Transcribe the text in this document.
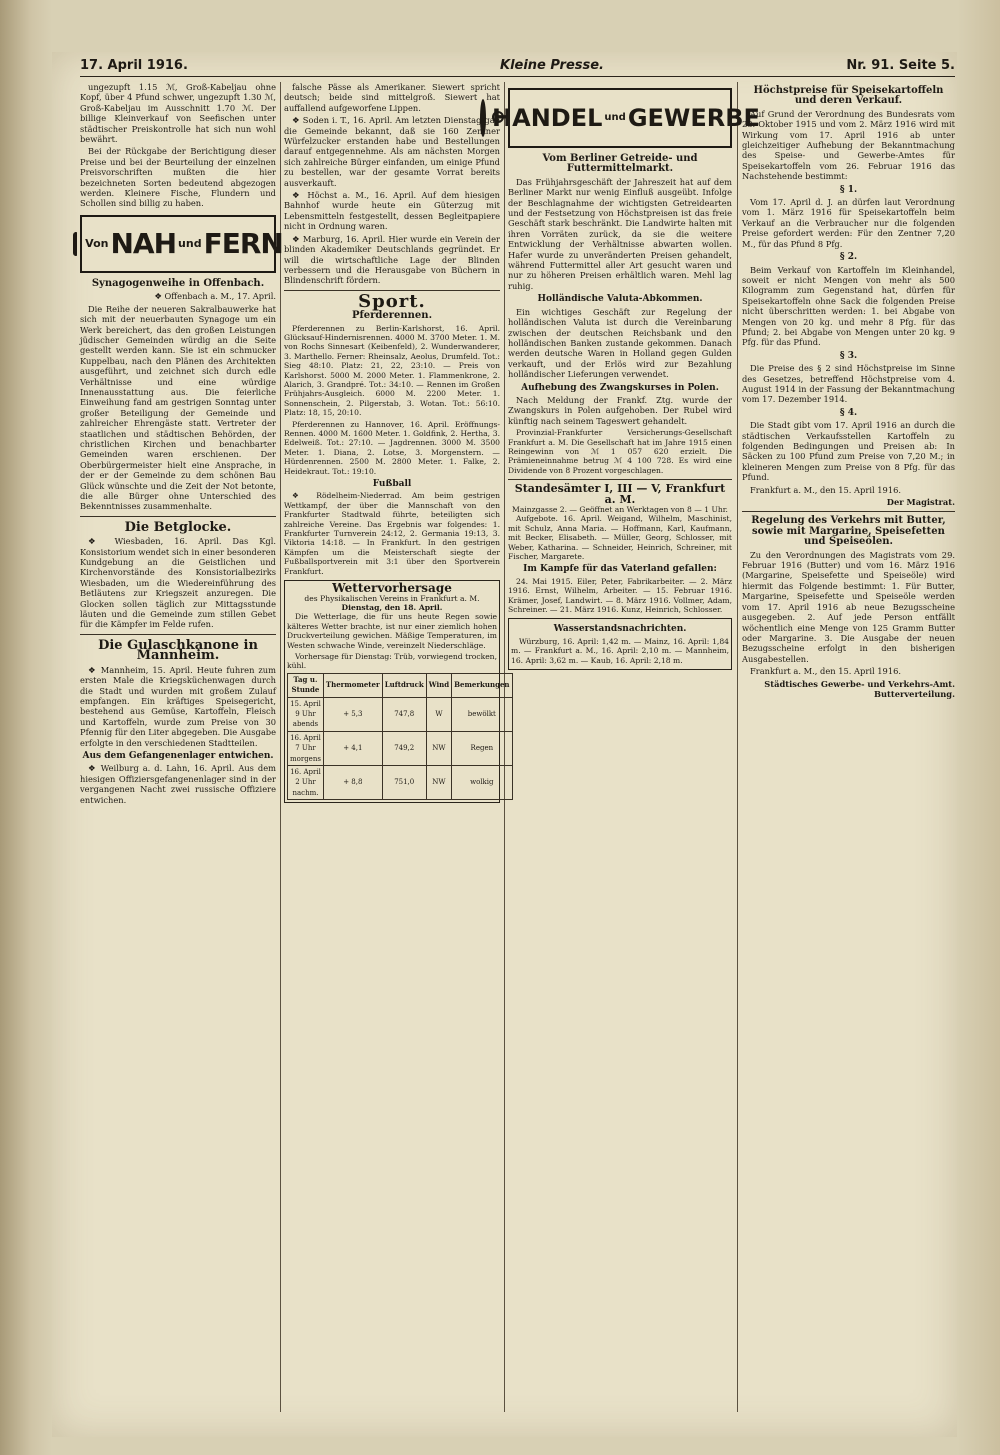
17. April 1916.	Kleine Presse.	Nr. 91. Seite 5.

ungezupft 1.15 ℳ, Groß-Kabeljau ohne Kopf, über 4 Pfund schwer, ungezupft 1.30 ℳ, Groß-Kabeljau im Ausschnitt 1.70 ℳ. Der billige Kleinverkauf von Seefischen unter städtischer Preiskontrolle hat sich nun wohl bewährt.

Bei der Rückgabe der Berichtigung dieser Preise und bei der Beurteilung der einzelnen Preisvorschriften mußten die hier bezeichneten Sorten bedeutend abgezogen werden. Kleinere Fische, Flundern und Schollen sind billig zu haben.

Von NAH und FERN
Synagogenweihe in Offenbach.

❖ Offenbach a. M., 17. April.

Die Reihe der neueren Sakralbauwerke hat sich mit der neuerbauten Synagoge um ein Werk bereichert, das den großen Leistungen jüdischer Gemeinden würdig an die Seite gestellt werden kann. Sie ist ein schmucker Kuppelbau, nach den Plänen des Architekten ausgeführt, und zeichnet sich durch edle Verhältnisse und eine würdige Innenausstattung aus. Die feierliche Einweihung fand am gestrigen Sonntag unter großer Beteiligung der Gemeinde und zahlreicher Ehrengäste statt. Vertreter der staatlichen und städtischen Behörden, der christlichen Kirchen und benachbarter Gemeinden waren erschienen. Der Oberbürgermeister hielt eine Ansprache, in der er der Gemeinde zu dem schönen Bau Glück wünschte und die Zeit der Not betonte, die alle Bürger ohne Unterschied des Bekenntnisses zusammenhalte.

Die Betglocke.

❖ Wiesbaden, 16. April. Das Kgl. Konsistorium wendet sich in einer besonderen Kundgebung an die Geistlichen und Kirchenvorstände des Konsistorialbezirks Wiesbaden, um die Wiedereinführung des Betläutens zur Kriegszeit anzuregen. Die Glocken sollen täglich zur Mittagsstunde läuten und die Gemeinde zum stillen Gebet für die Kämpfer im Felde rufen.

Die Gulaschkanone in Mannheim.

❖ Mannheim, 15. April. Heute fuhren zum ersten Male die Kriegsküchenwagen durch die Stadt und wurden mit großem Zulauf empfangen. Ein kräftiges Speisegericht, bestehend aus Gemüse, Kartoffeln, Fleisch und Kartoffeln, wurde zum Preise von 30 Pfennig für den Liter abgegeben. Die Ausgabe erfolgte in den verschiedenen Stadtteilen.

Aus dem Gefangenenlager entwichen.

❖ Weilburg a. d. Lahn, 16. April. Aus dem hiesigen Offiziersgefangenenlager sind in der vergangenen Nacht zwei russische Offiziere entwichen.

falsche Pässe als Amerikaner. Siewert spricht deutsch; beide sind mittelgroß. Siewert hat auffallend aufgeworfene Lippen.

❖ Soden i. T., 16. April. Am letzten Dienstag gab die Gemeinde bekannt, daß sie 160 Zentner Würfelzucker erstanden habe und Bestellungen darauf entgegennehme. Als am nächsten Morgen sich zahlreiche Bürger einfanden, um einige Pfund zu bestellen, war der gesamte Vorrat bereits ausverkauft.

❖ Höchst a. M., 16. April. Auf dem hiesigen Bahnhof wurde heute ein Güterzug mit Lebensmitteln festgestellt, dessen Begleitpapiere nicht in Ordnung waren.

❖ Marburg, 16. April. Hier wurde ein Verein der blinden Akademiker Deutschlands gegründet. Er will die wirtschaftliche Lage der Blinden verbessern und die Herausgabe von Büchern in Blindenschrift fördern.

Sport.
Pferderennen.

Pferderennen zu Berlin-Karlshorst, 16. April. Glücksauf-Hindernisrennen. 4000 M. 3700 Meter. 1. M. von Rochs Sinnesart (Keibenfeld), 2. Wunderwanderer, 3. Marthello. Ferner: Rheinsalz, Aeolus, Drumfeld. Tot.: Sieg 48:10. Platz: 21, 22, 23:10. — Preis von Karlshorst. 5000 M. 2000 Meter. 1. Flammenkrone, 2. Alarich, 3. Grandpré. Tot.: 34:10. — Rennen im Großen Frühjahrs-Ausgleich. 6000 M. 2200 Meter. 1. Sonnenschein, 2. Pilgerstab, 3. Wotan. Tot.: 56:10. Platz: 18, 15, 20:10.

Pferderennen zu Hannover, 16. April. Eröffnungs-Rennen. 4000 M. 1600 Meter. 1. Goldfink, 2. Hertha, 3. Edelweiß. Tot.: 27:10. — Jagdrennen. 3000 M. 3500 Meter. 1. Diana, 2. Lotse, 3. Morgenstern. — Hürdenrennen. 2500 M. 2800 Meter. 1. Falke, 2. Heidekraut. Tot.: 19:10.

Fußball

❖ Rödelheim-Niederrad. Am beim gestrigen Wettkampf, der über die Mannschaft von den Frankfurter Stadtwald führte, beteiligten sich zahlreiche Vereine. Das Ergebnis war folgendes: 1. Frankfurter Turnverein 24:12, 2. Germania 19:13, 3. Viktoria 14:18. — In Frankfurt. In den gestrigen Kämpfen um die Meisterschaft siegte der Fußballsportverein mit 3:1 über den Sportverein Frankfurt.

Wettervorhersage
des Physikalischen Vereins in Frankfurt a. M.
Dienstag, den 18. April.

Die Wetterlage, die für uns heute Regen sowie kälteres Wetter brachte, ist nur einer ziemlich hohen Druckverteilung gewichen. Mäßige Temperaturen, im Westen schwache Winde, vereinzelt Niederschläge.

Vorhersage für Dienstag: Trüb, vorwiegend trocken, kühl.

Tag u. Stunde	Thermometer	Luftdruck	Wind	Bemerkungen
15. April 9 Uhr abends	+ 5,3	747,8	W	bewölkt
16. April 7 Uhr morgens	+ 4,1	749,2	NW	Regen
16. April 2 Uhr nachm.	+ 8,8	751,0	NW	wolkig
HANDEL und GEWERBE
Vom Berliner Getreide- und Futtermittelmarkt.

Das Frühjahrsgeschäft der Jahreszeit hat auf dem Berliner Markt nur wenig Einfluß ausgeübt. Infolge der Beschlagnahme der wichtigsten Getreidearten und der Festsetzung von Höchstpreisen ist das freie Geschäft stark beschränkt. Die Landwirte halten mit ihren Vorräten zurück, da sie die weitere Entwicklung der Verhältnisse abwarten wollen. Hafer wurde zu unveränderten Preisen gehandelt, während Futtermittel aller Art gesucht waren und nur zu höheren Preisen erhältlich waren. Mehl lag ruhig.

Holländische Valuta-Abkommen.

Ein wichtiges Geschäft zur Regelung der holländischen Valuta ist durch die Vereinbarung zwischen der deutschen Reichsbank und den holländischen Banken zustande gekommen. Danach werden deutsche Waren in Holland gegen Gulden verkauft, und der Erlös wird zur Bezahlung holländischer Lieferungen verwendet.

Aufhebung des Zwangskurses in Polen.

Nach Meldung der Frankf. Ztg. wurde der Zwangskurs in Polen aufgehoben. Der Rubel wird künftig nach seinem Tageswert gehandelt.

Provinzial-Frankfurter Versicherungs-Gesellschaft Frankfurt a. M. Die Gesellschaft hat im Jahre 1915 einen Reingewinn von ℳ 1 057 620 erzielt. Die Prämieneinnahme betrug ℳ 4 100 728. Es wird eine Dividende von 8 Prozent vorgeschlagen.

Standesämter I, III — V, Frankfurt a. M.
Mainzgasse 2. — Geöffnet an Werktagen von 8 — 1 Uhr.

Aufgebote. 16. April. Weigand, Wilhelm, Maschinist, mit Schulz, Anna Maria. — Hoffmann, Karl, Kaufmann, mit Becker, Elisabeth. — Müller, Georg, Schlosser, mit Weber, Katharina. — Schneider, Heinrich, Schreiner, mit Fischer, Margarete.

Im Kampfe für das Vaterland gefallen:

24. Mai 1915. Eiler, Peter, Fabrikarbeiter. — 2. März 1916. Ernst, Wilhelm, Arbeiter. — 15. Februar 1916. Krämer, Josef, Landwirt. — 8. März 1916. Vollmer, Adam, Schreiner. — 21. März 1916. Kunz, Heinrich, Schlosser.

Wasserstandsnachrichten.

Würzburg, 16. April: 1,42 m. — Mainz, 16. April: 1,84 m. — Frankfurt a. M., 16. April: 2,10 m. — Mannheim, 16. April: 3,62 m. — Kaub, 16. April: 2,18 m.

Höchstpreise für Speisekartoffeln und deren Verkauf.

Auf Grund der Verordnung des Bundesrats vom 28. Oktober 1915 und vom 2. März 1916 wird mit Wirkung vom 17. April 1916 ab unter gleichzeitiger Aufhebung der Bekanntmachung des Speise- und Gewerbe-Amtes für Speisekartoffeln vom 26. Februar 1916 das Nachstehende bestimmt:

§ 1.

Vom 17. April d. J. an dürfen laut Verordnung vom 1. März 1916 für Speisekartoffeln beim Verkauf an die Verbraucher nur die folgenden Preise gefordert werden: Für den Zentner 7,20 M., für das Pfund 8 Pfg.

§ 2.

Beim Verkauf von Kartoffeln im Kleinhandel, soweit er nicht Mengen von mehr als 500 Kilogramm zum Gegenstand hat, dürfen für Speisekartoffeln ohne Sack die folgenden Preise nicht überschritten werden: 1. bei Abgabe von Mengen von 20 kg. und mehr 8 Pfg. für das Pfund; 2. bei Abgabe von Mengen unter 20 kg. 9 Pfg. für das Pfund.

§ 3.

Die Preise des § 2 sind Höchstpreise im Sinne des Gesetzes, betreffend Höchstpreise vom 4. August 1914 in der Fassung der Bekanntmachung vom 17. Dezember 1914.

§ 4.

Die Stadt gibt vom 17. April 1916 an durch die städtischen Verkaufsstellen Kartoffeln zu folgenden Bedingungen und Preisen ab: In Säcken zu 100 Pfund zum Preise von 7,20 M.; in kleineren Mengen zum Preise von 8 Pfg. für das Pfund.

Frankfurt a. M., den 15. April 1916.

Der Magistrat.
Regelung des Verkehrs mit Butter, sowie mit Margarine, Speisefetten und Speiseölen.

Zu den Verordnungen des Magistrats vom 29. Februar 1916 (Butter) und vom 16. März 1916 (Margarine, Speisefette und Speiseöle) wird hiermit das Folgende bestimmt: 1. Für Butter, Margarine, Speisefette und Speiseöle werden vom 17. April 1916 ab neue Bezugsscheine ausgegeben. 2. Auf jede Person entfällt wöchentlich eine Menge von 125 Gramm Butter oder Margarine. 3. Die Ausgabe der neuen Bezugsscheine erfolgt in den bisherigen Ausgabestellen.

Frankfurt a. M., den 15. April 1916.

Städtisches Gewerbe- und Verkehrs-Amt. Butterverteilung.
